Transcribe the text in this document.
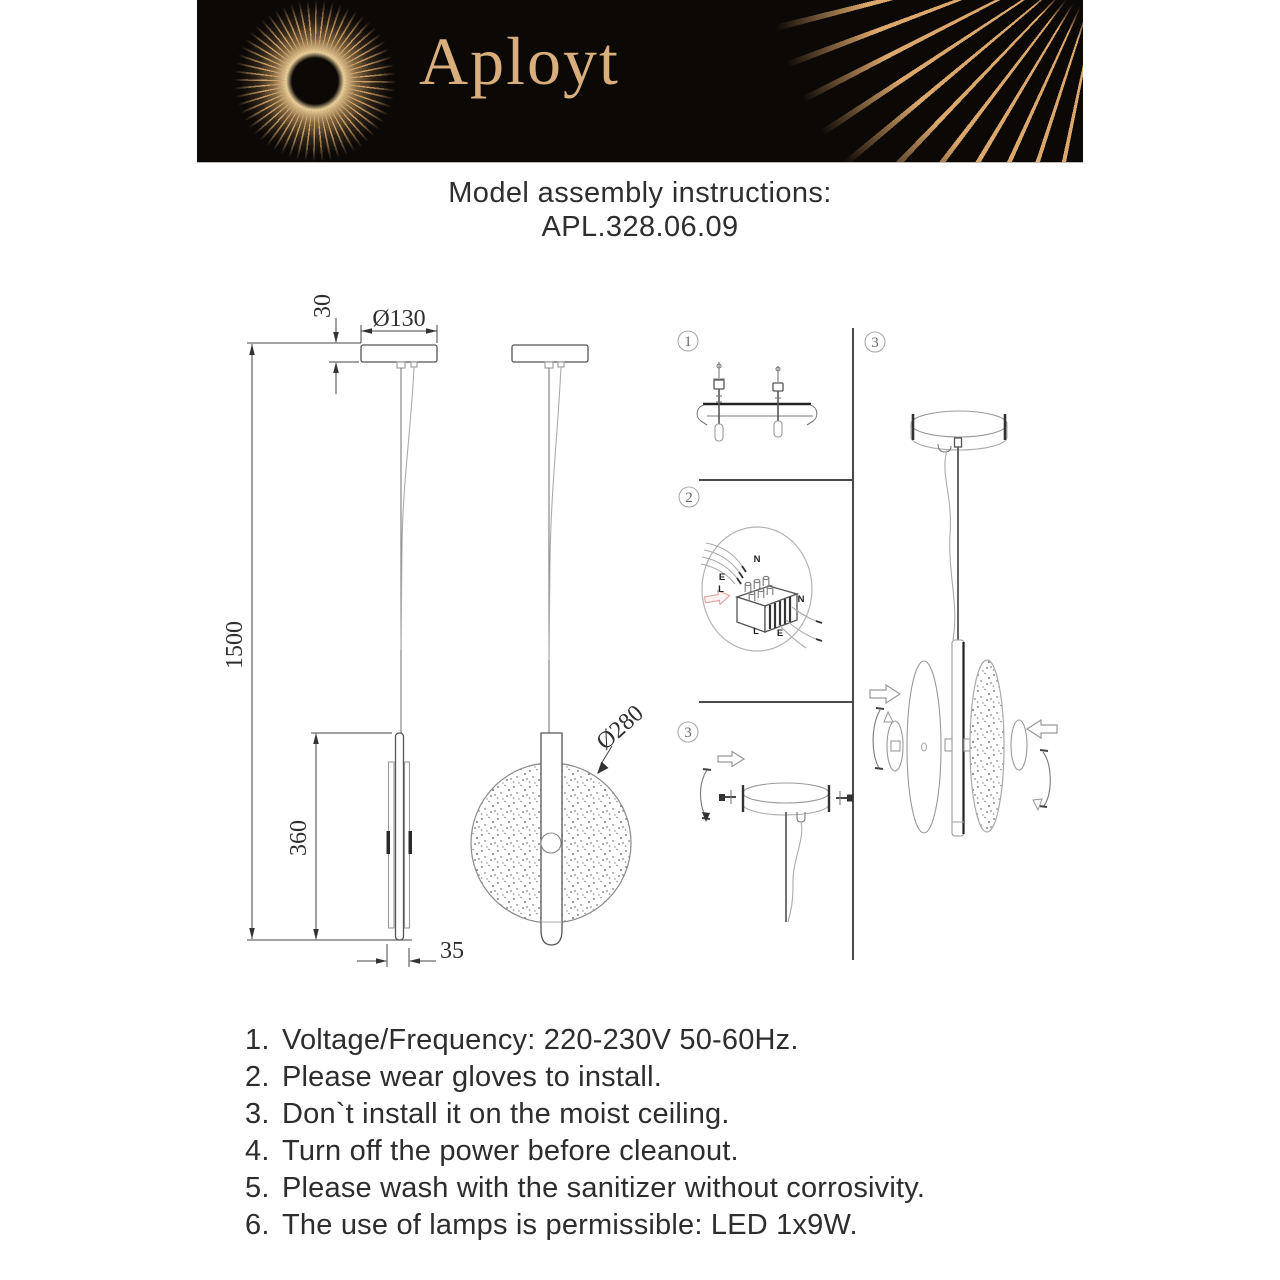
Aployt
Model assembly instructions:
APL.328.06.09
1500
30 Ø130
360
35
Ø280
1
2
N
E
L
N
L E
3
3
1. Voltage/Frequency: 220-230V 50-60Hz.
2. Please wear gloves to install.
3. Don`t install it on the moist ceiling.
4. Turn off the power before cleanout.
5. Please wash with the sanitizer without corrosivity.
6. The use of lamps is permissible: LED 1x9W.
